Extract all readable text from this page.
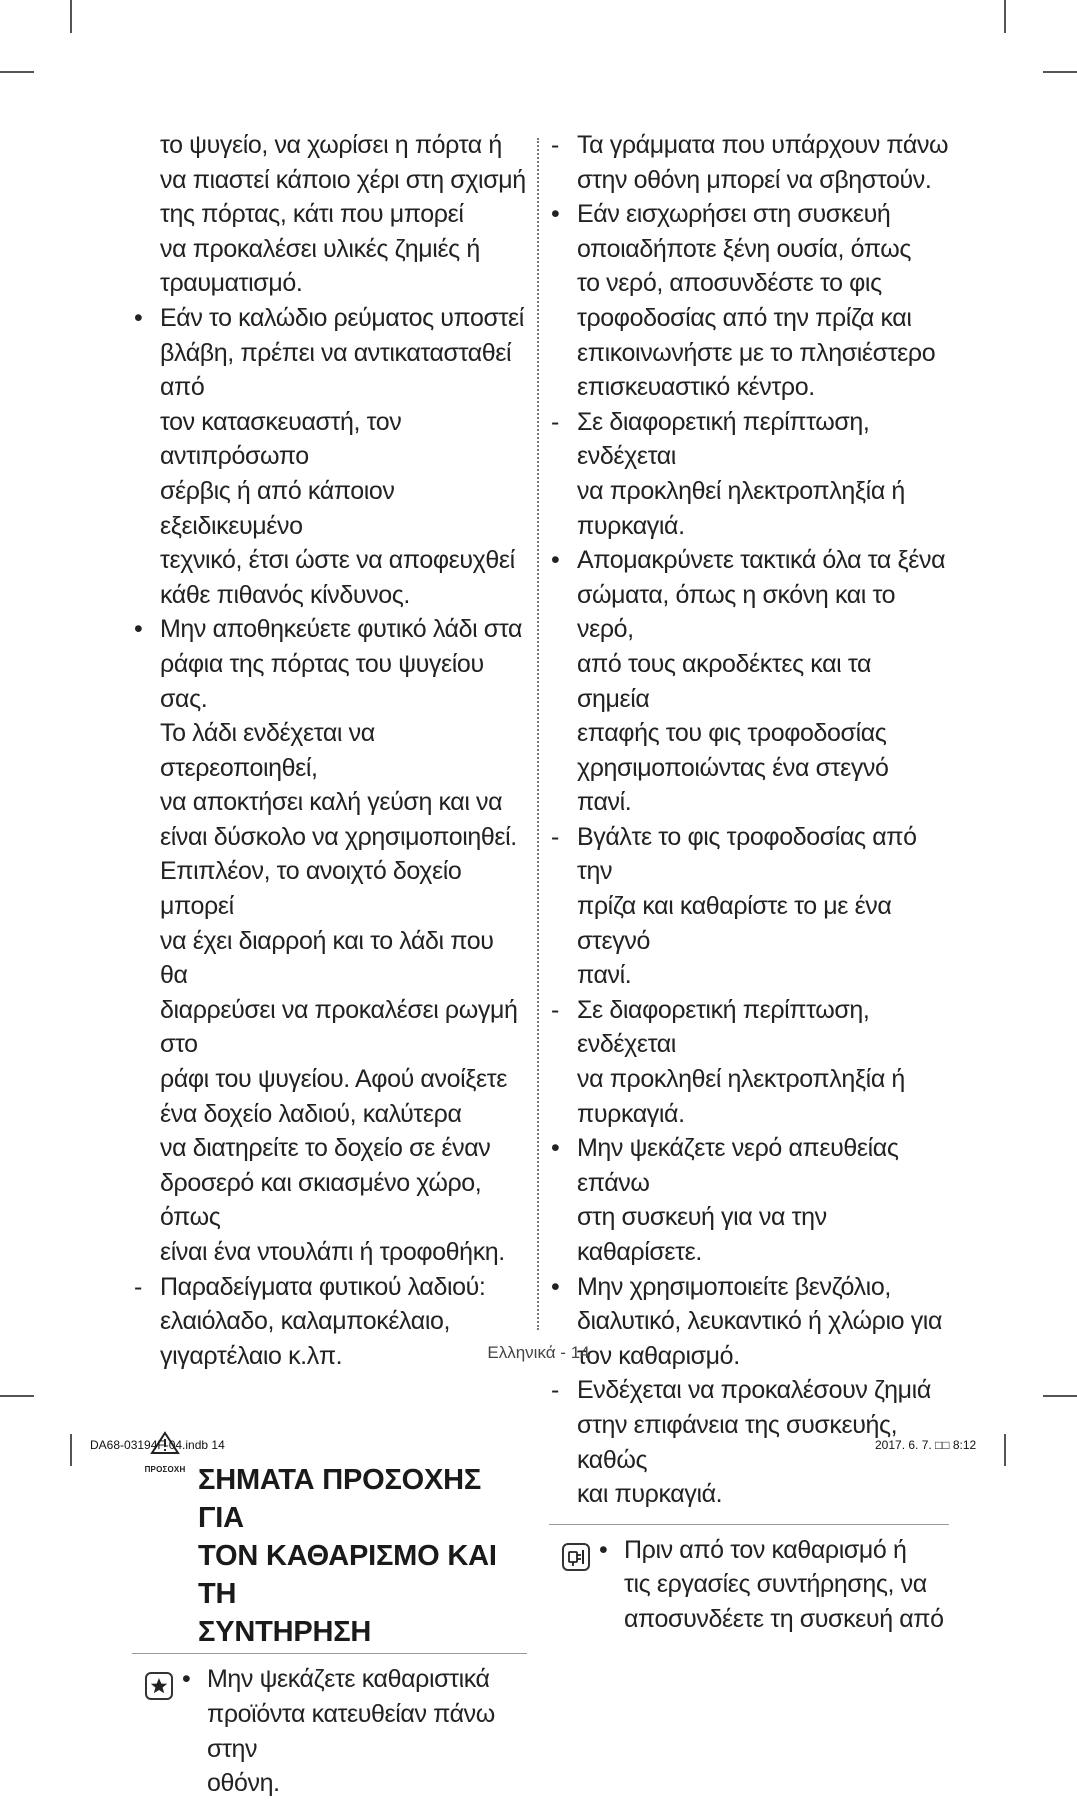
το ψυγείο, να χωρίσει η πόρτα ή
να πιαστεί κάποιο χέρι στη σχισμή
της πόρτας, κάτι που μπορεί
να προκαλέσει υλικές ζημιές ή
τραυματισμό.
• Εάν το καλώδιο ρεύματος υποστεί
βλάβη, πρέπει να αντικατασταθεί από
τον κατασκευαστή, τον αντιπρόσωπο
σέρβις ή από κάποιον εξειδικευμένο
τεχνικό, έτσι ώστε να αποφευχθεί
κάθε πιθανός κίνδυνος.
• Μην αποθηκεύετε φυτικό λάδι στα
ράφια της πόρτας του ψυγείου σας.
Το λάδι ενδέχεται να στερεοποιηθεί,
να αποκτήσει καλή γεύση και να
είναι δύσκολο να χρησιμοποιηθεί.
Επιπλέον, το ανοιχτό δοχείο μπορεί
να έχει διαρροή και το λάδι που θα
διαρρεύσει να προκαλέσει ρωγμή στο
ράφι του ψυγείου. Αφού ανοίξετε
ένα δοχείο λαδιού, καλύτερα
να διατηρείτε το δοχείο σε έναν
δροσερό και σκιασμένο χώρο, όπως
είναι ένα ντουλάπι ή τροφοθήκη.
- Παραδείγματα φυτικού λαδιού:
ελαιόλαδο, καλαμποκέλαιο,
γιγαρτέλαιο κ.λπ.

ΠΡΟΣΟΧΗ ΣΗΜΑΤΑ ΠΡΟΣΟΧΗΣ ΓΙΑ
ΤΟΝ ΚΑΘΑΡΙΣΜΟ ΚΑΙ ΤΗ
ΣΥΝΤΗΡΗΣΗ

• Μην ψεκάζετε καθαριστικά
προϊόντα κατευθείαν πάνω στην
οθόνη.
- Τα γράμματα που υπάρχουν πάνω
στην οθόνη μπορεί να σβηστούν.
• Εάν εισχωρήσει στη συσκευή
οποιαδήποτε ξένη ουσία, όπως
το νερό, αποσυνδέστε το φις
τροφοδοσίας από την πρίζα και
επικοινωνήστε με το πλησιέστερο
επισκευαστικό κέντρο.
- Σε διαφορετική περίπτωση, ενδέχεται
να προκληθεί ηλεκτροπληξία ή
πυρκαγιά.
• Απομακρύνετε τακτικά όλα τα ξένα
σώματα, όπως η σκόνη και το νερό,
από τους ακροδέκτες και τα σημεία
επαφής του φις τροφοδοσίας
χρησιμοποιώντας ένα στεγνό πανί.
- Βγάλτε το φις τροφοδοσίας από την
πρίζα και καθαρίστε το με ένα στεγνό
πανί.
- Σε διαφορετική περίπτωση, ενδέχεται
να προκληθεί ηλεκτροπληξία ή
πυρκαγιά.
• Μην ψεκάζετε νερό απευθείας επάνω
στη συσκευή για να την καθαρίσετε.
• Μην χρησιμοποιείτε βενζόλιο,
διαλυτικό, λευκαντικό ή χλώριο για
τον καθαρισμό.
- Ενδέχεται να προκαλέσουν ζημιά
στην επιφάνεια της συσκευής, καθώς
και πυρκαγιά.
• Πριν από τον καθαρισμό ή
τις εργασίες συντήρησης, να
αποσυνδέετε τη συσκευή από
Ελληνικά - 14
DA68-03194F-04.indb 14	2017. 6. 7. □□ 8:12
